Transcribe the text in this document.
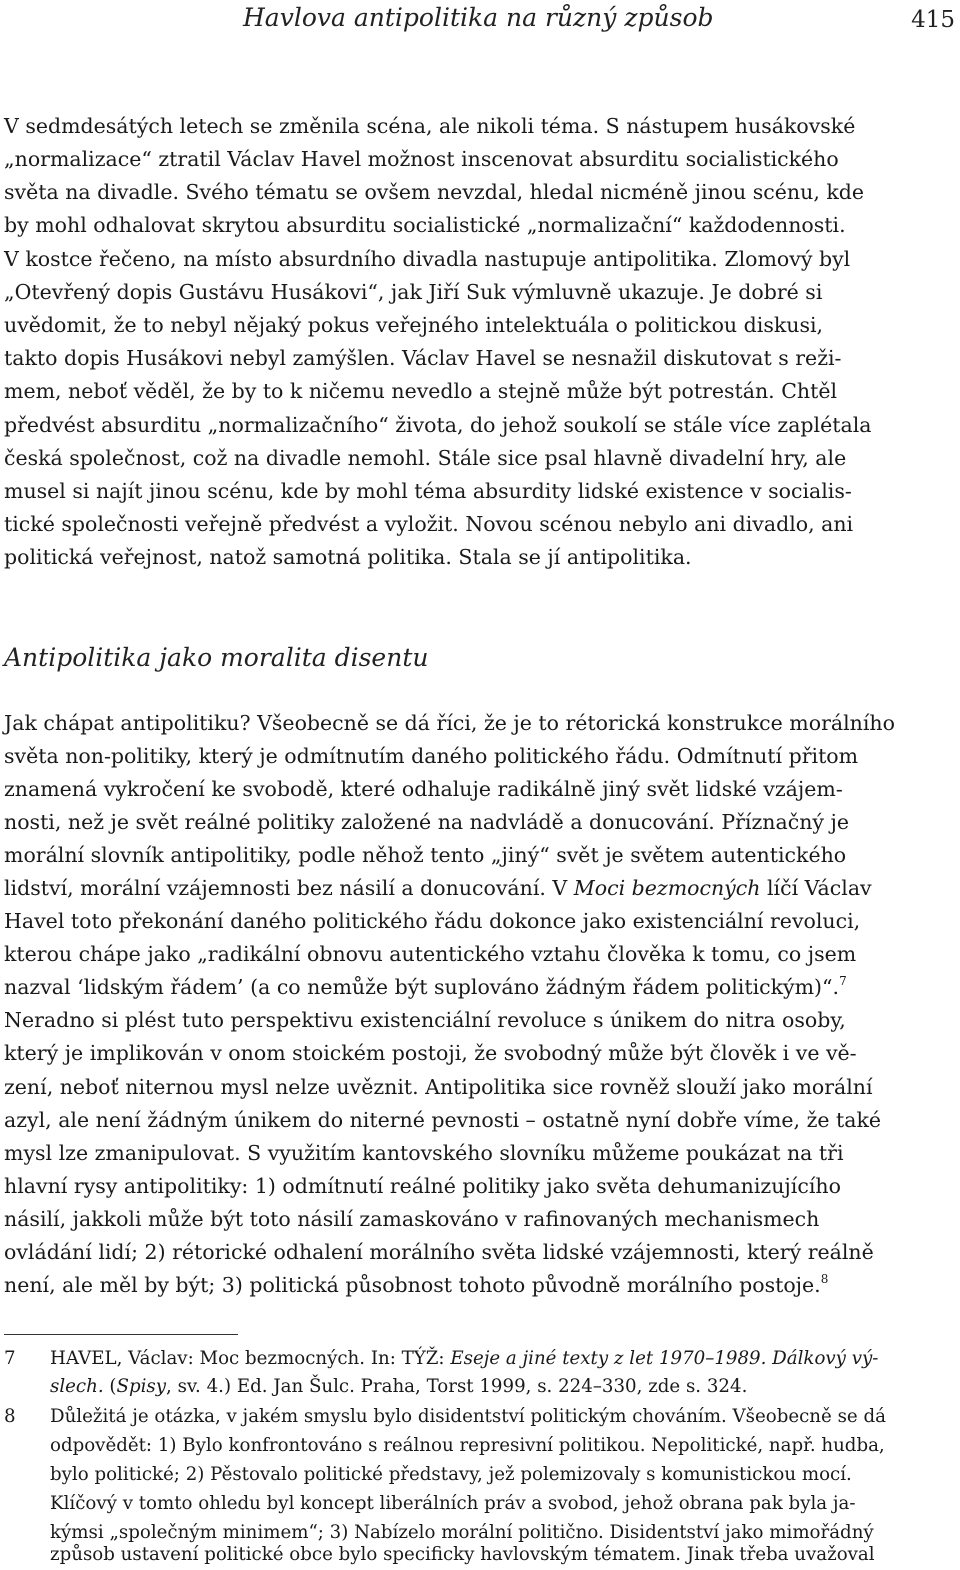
Havlova antipolitika na různý způsob	415
V sedmdesátých letech se změnila scéna, ale nikoli téma. S nástupem husákovské
„normalizace“ ztratil Václav Havel možnost inscenovat absurditu socialistického
světa na divadle. Svého tématu se ovšem nevzdal, hledal nicméně jinou scénu, kde
by mohl odhalovat skrytou absurditu socialistické „normalizační“ každodennosti.
V kostce řečeno, na místo absurdního divadla nastupuje antipolitika. Zlomový byl
„Otevřený dopis Gustávu Husákovi“, jak Jiří Suk výmluvně ukazuje. Je dobré si
uvědomit, že to nebyl nějaký pokus veřejného intelektuála o politickou diskusi,
takto dopis Husákovi nebyl zamýšlen. Václav Havel se nesnažil diskutovat s reži-
mem, neboť věděl, že by to k ničemu nevedlo a stejně může být potrestán. Chtěl
předvést absurditu „normalizačního“ života, do jehož soukolí se stále více zaplétala
česká společnost, což na divadle nemohl. Stále sice psal hlavně divadelní hry, ale
musel si najít jinou scénu, kde by mohl téma absurdity lidské existence v socialis-
tické společnosti veřejně předvést a vyložit. Novou scénou nebylo ani divadlo, ani
politická veřejnost, natož samotná politika. Stala se jí antipolitika.
Antipolitika jako moralita disentu
Jak chápat antipolitiku? Všeobecně se dá říci, že je to rétorická konstrukce morálního
světa non-politiky, který je odmítnutím daného politického řádu. Odmítnutí přitom
znamená vykročení ke svobodě, které odhaluje radikálně jiný svět lidské vzájem-
nosti, než je svět reálné politiky založené na nadvládě a donucování. Příznačný je
morální slovník antipolitiky, podle něhož tento „jiný“ svět je světem autentického
lidství, morální vzájemnosti bez násilí a donucování. V Moci bezmocných líčí Václav
Havel toto překonání daného politického řádu dokonce jako existenciální revoluci,
kterou chápe jako „radikální obnovu autentického vztahu člověka k tomu, co jsem
nazval ‘lidským řádem’ (a co nemůže být suplováno žádným řádem politickým)“.$^7$
Neradno si plést tuto perspektivu existenciální revoluce s únikem do nitra osoby,
který je implikován v onom stoickém postoji, že svobodný může být člověk i ve vě-
zení, neboť niternou mysl nelze uvěznit. Antipolitika sice rovněž slouží jako morální
azyl, ale není žádným únikem do niterné pevnosti – ostatně nyní dobře víme, že také
mysl lze zmanipulovat. S využitím kantovského slovníku můžeme poukázat na tři
hlavní rysy antipolitiky: 1) odmítnutí reálné politiky jako světa dehumanizujícího
násilí, jakkoli může být toto násilí zamaskováno v rafinovaných mechanismech
ovládání lidí; 2) rétorické odhalení morálního světa lidské vzájemnosti, který reálně
není, ale měl by být; 3) politická působnost tohoto původně morálního postoje.$^8$
7 HAVEL, Václav: Moc bezmocných. In: TÝŽ: Eseje a jiné texty z let 1970–1989. Dálkový vý-
slech. (Spisy, sv. 4.) Ed. Jan Šulc. Praha, Torst 1999, s. 224–330, zde s. 324.
8 Důležitá je otázka, v jakém smyslu bylo disidentství politickým chováním. Všeobecně se dá
odpovědět: 1) Bylo konfrontováno s reálnou represivní politikou. Nepolitické, např. hudba,
bylo politické; 2) Pěstovalo politické představy, jež polemizovaly s komunistickou mocí.
Klíčový v tomto ohledu byl koncept liberálních práv a svobod, jehož obrana pak byla ja-
kýmsi „společným minimem“; 3) Nabízelo morální politično. Disidentství jako mimořádný
způsob ustavení politické obce bylo specificky havlovským tématem. Jinak třeba uvažoval
